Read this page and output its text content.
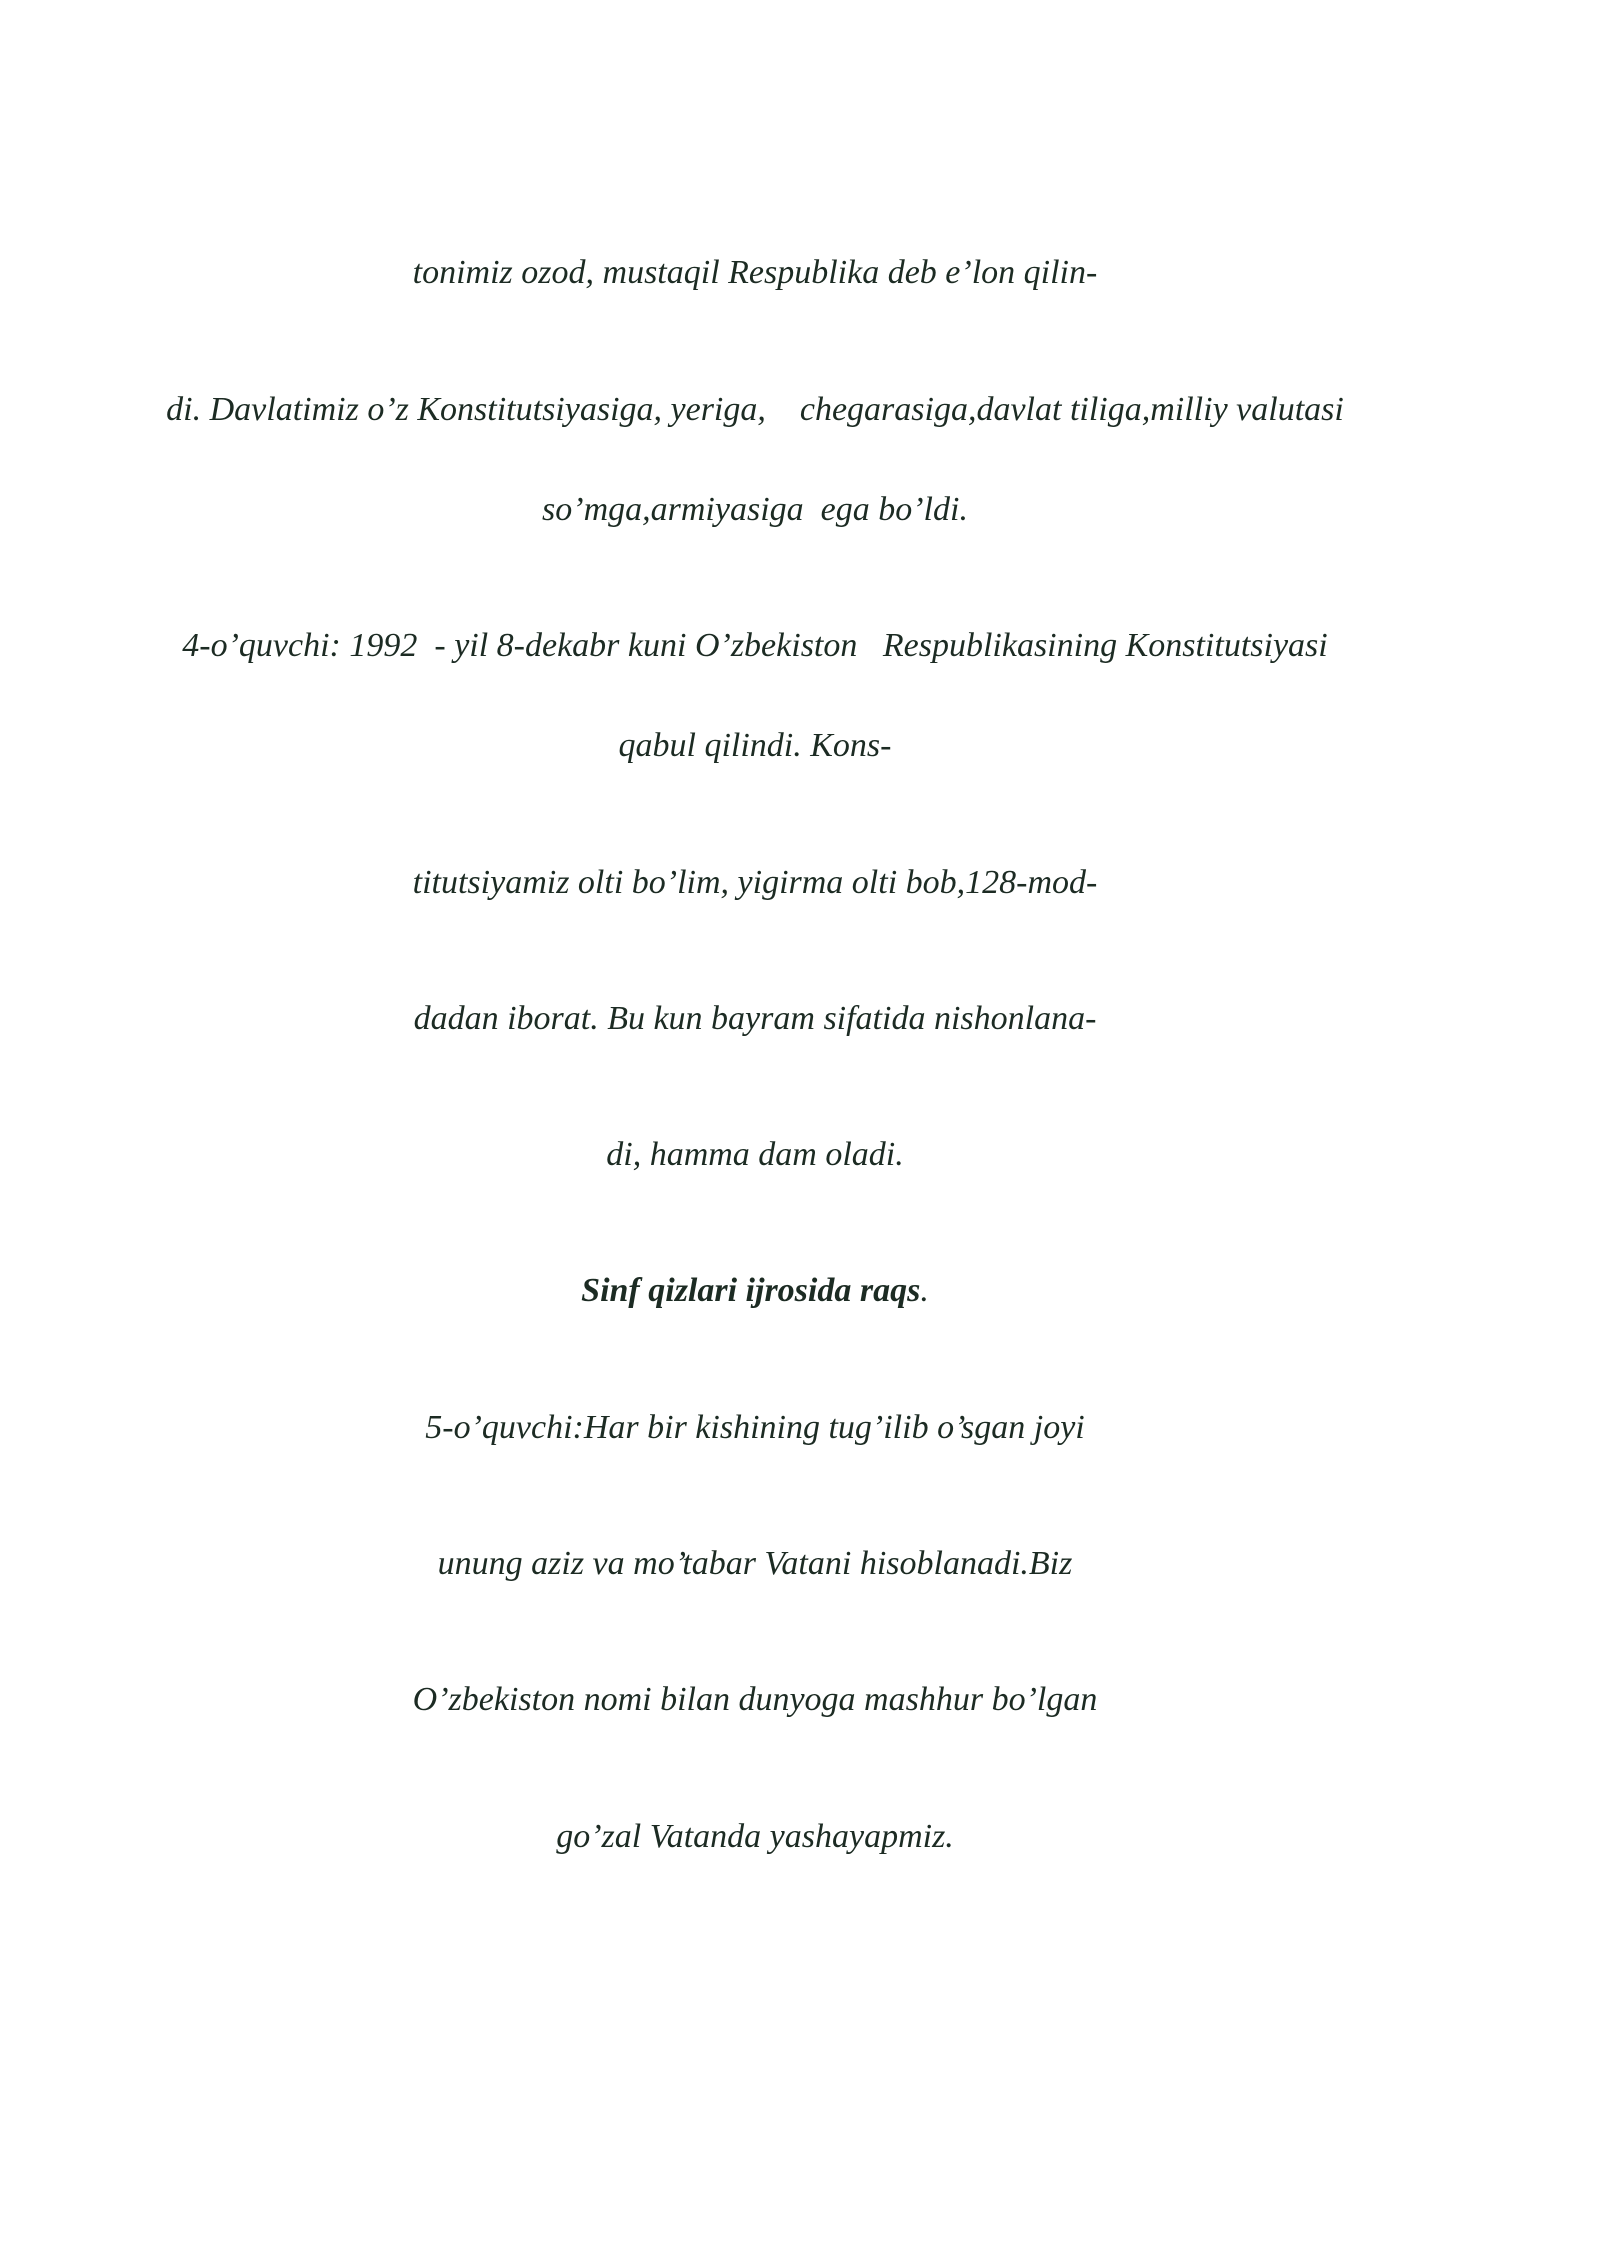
tonimiz ozod, mustaqil Respublika deb e’lon qilin-
di. Davlatimiz o’z Konstitutsiyasiga, yeriga,    chegarasiga,davlat tiliga,milliy valutasi
so’mga,armiyasiga  ega bo’ldi.
4-o’quvchi: 1992  - yil 8-dekabr kuni O’zbekiston   Respublikasining Konstitutsiyasi
qabul qilindi. Kons-
titutsiyamiz olti bo’lim, yigirma olti bob,128-mod-
dadan iborat. Bu kun bayram sifatida nishonlana-
di, hamma dam oladi.
Sinf qizlari ijrosida raqs.
5-o’quvchi:Har bir kishining tug’ilib o’sgan joyi
unung aziz va mo’tabar Vatani hisoblanadi.Biz
O’zbekiston nomi bilan dunyoga mashhur bo’lgan
go’zal Vatanda yashayapmiz.
